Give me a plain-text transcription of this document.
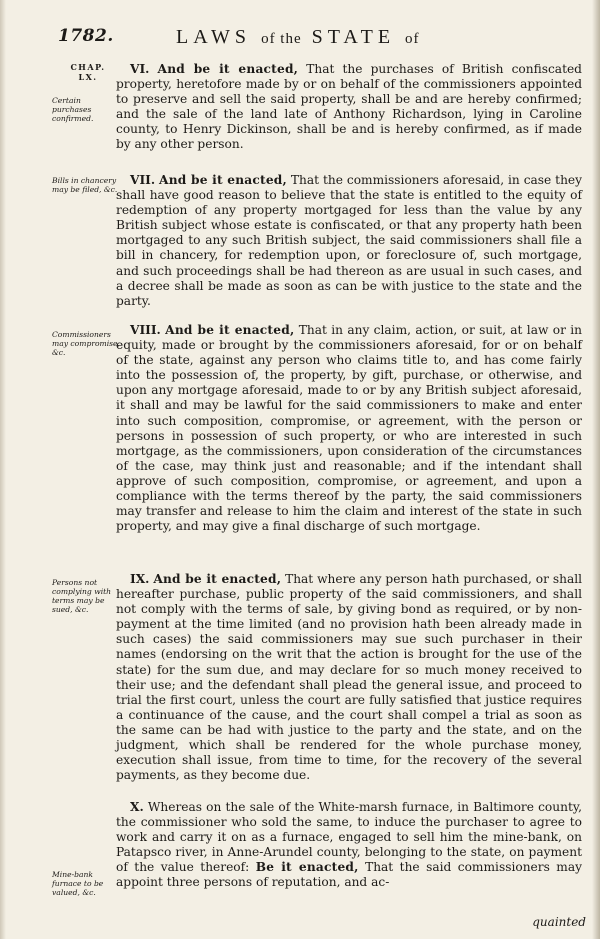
1782.	LAWS of the STATE of
CHAP.
LX.
Certain purchases confirmed.
Bills in chancery may be filed, &c.
Commissioners may compromise, &c.
Persons not complying with terms may be sued, &c.
Mine-bank furnace to be valued, &c.

VI. And be it enacted, That the purchases of British confiscated property, heretofore made by or on behalf of the commissioners appointed to preserve and sell the said property, shall be and are hereby confirmed; and the sale of the land late of Anthony Richardson, lying in Caroline county, to Henry Dickinson, shall be and is hereby confirmed, as if made by any other person.

VII. And be it enacted, That the commissioners aforesaid, in case they shall have good reason to believe that the state is entitled to the equity of redemption of any property mortgaged for less than the value by any British subject whose estate is confiscated, or that any property hath been mortgaged to any such British subject, the said commissioners shall file a bill in chancery, for redemption upon, or foreclosure of, such mortgage, and such proceedings shall be had thereon as are usual in such cases, and a decree shall be made as soon as can be with justice to the state and the party.

VIII. And be it enacted, That in any claim, action, or suit, at law or in equity, made or brought by the commissioners aforesaid, for or on behalf of the state, against any person who claims title to, and has come fairly into the possession of, the property, by gift, purchase, or otherwise, and upon any mortgage aforesaid, made to or by any British subject aforesaid, it shall and may be lawful for the said commissioners to make and enter into such composition, compromise, or agreement, with the person or persons in possession of such property, or who are interested in such mortgage, as the commissioners, upon consideration of the circumstances of the case, may think just and reasonable; and if the intendant shall approve of such composition, compromise, or agreement, and upon a compliance with the terms thereof by the party, the said commissioners may transfer and release to him the claim and interest of the state in such property, and may give a final discharge of such mortgage.

IX. And be it enacted, That where any person hath purchased, or shall hereafter purchase, public property of the said commissioners, and shall not comply with the terms of sale, by giving bond as required, or by non-payment at the time limited (and no provision hath been already made in such cases) the said commissioners may sue such purchaser in their names (endorsing on the writ that the action is brought for the use of the state) for the sum due, and may declare for so much money received to their use; and the defendant shall plead the general issue, and proceed to trial the first court, unless the court are fully satisfied that justice requires a continuance of the cause, and the court shall compel a trial as soon as the same can be had with justice to the party and the state, and on the judgment, which shall be rendered for the whole purchase money, execution shall issue, from time to time, for the recovery of the several payments, as they become due.

X. Whereas on the sale of the White-marsh furnace, in Baltimore county, the commissioner who sold the same, to induce the purchaser to agree to work and carry it on as a furnace, engaged to sell him the mine-bank, on Patapsco river, in Anne-Arundel county, belonging to the state, on payment of the value thereof: Be it enacted, That the said commissioners may appoint three persons of reputation, and ac-

quainted
